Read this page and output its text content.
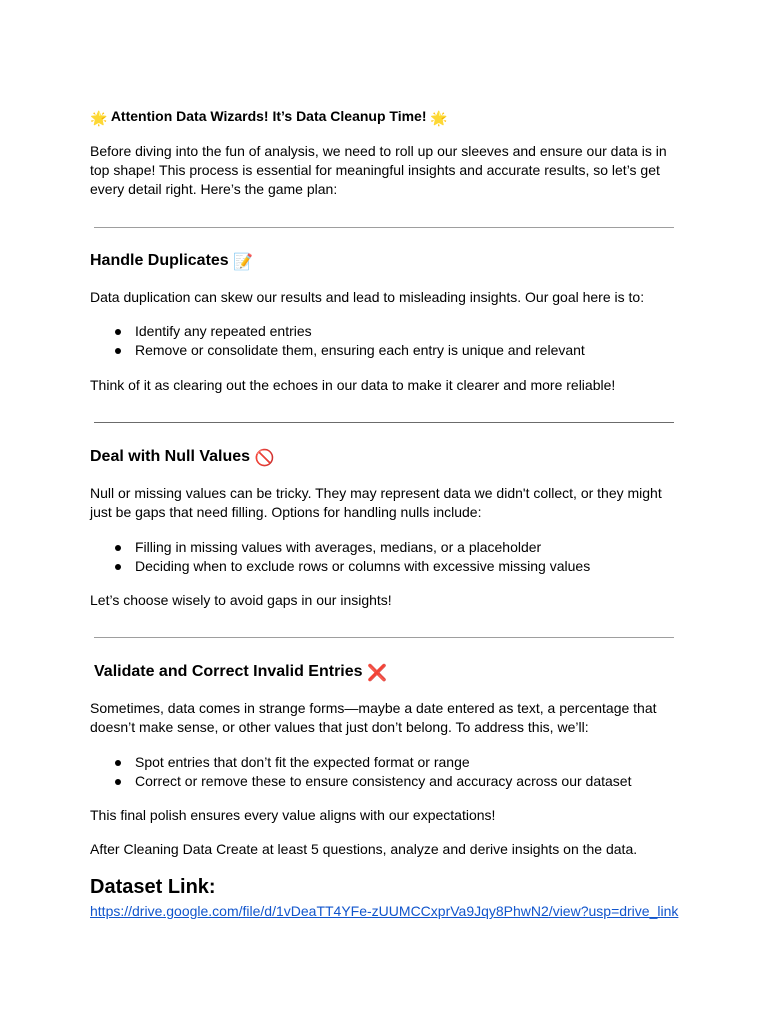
🌟 Attention Data Wizards! It’s Data Cleanup Time! 🌟

Before diving into the fun of analysis, we need to roll up our sleeves and ensure our data is in top shape! This process is essential for meaningful insights and accurate results, so let’s get every detail right. Here’s the game plan:

Handle Duplicates 📝

Data duplication can skew our results and lead to misleading insights. Our goal here is to:

Identify any repeated entries
Remove or consolidate them, ensuring each entry is unique and relevant

Think of it as clearing out the echoes in our data to make it clearer and more reliable!

Deal with Null Values 🚫

Null or missing values can be tricky. They may represent data we didn't collect, or they might just be gaps that need filling. Options for handling nulls include:

Filling in missing values with averages, medians, or a placeholder
Deciding when to exclude rows or columns with excessive missing values

Let’s choose wisely to avoid gaps in our insights!

Validate and Correct Invalid Entries ❌

Sometimes, data comes in strange forms—maybe a date entered as text, a percentage that doesn’t make sense, or other values that just don’t belong. To address this, we’ll:

Spot entries that don’t fit the expected format or range
Correct or remove these to ensure consistency and accuracy across our dataset

This final polish ensures every value aligns with our expectations!

After Cleaning Data Create at least 5 questions, analyze and derive insights on the data.

Dataset Link:
https://drive.google.com/file/d/1vDeaTT4YFe-zUUMCCxprVa9Jqy8PhwN2/view?usp=drive_link
